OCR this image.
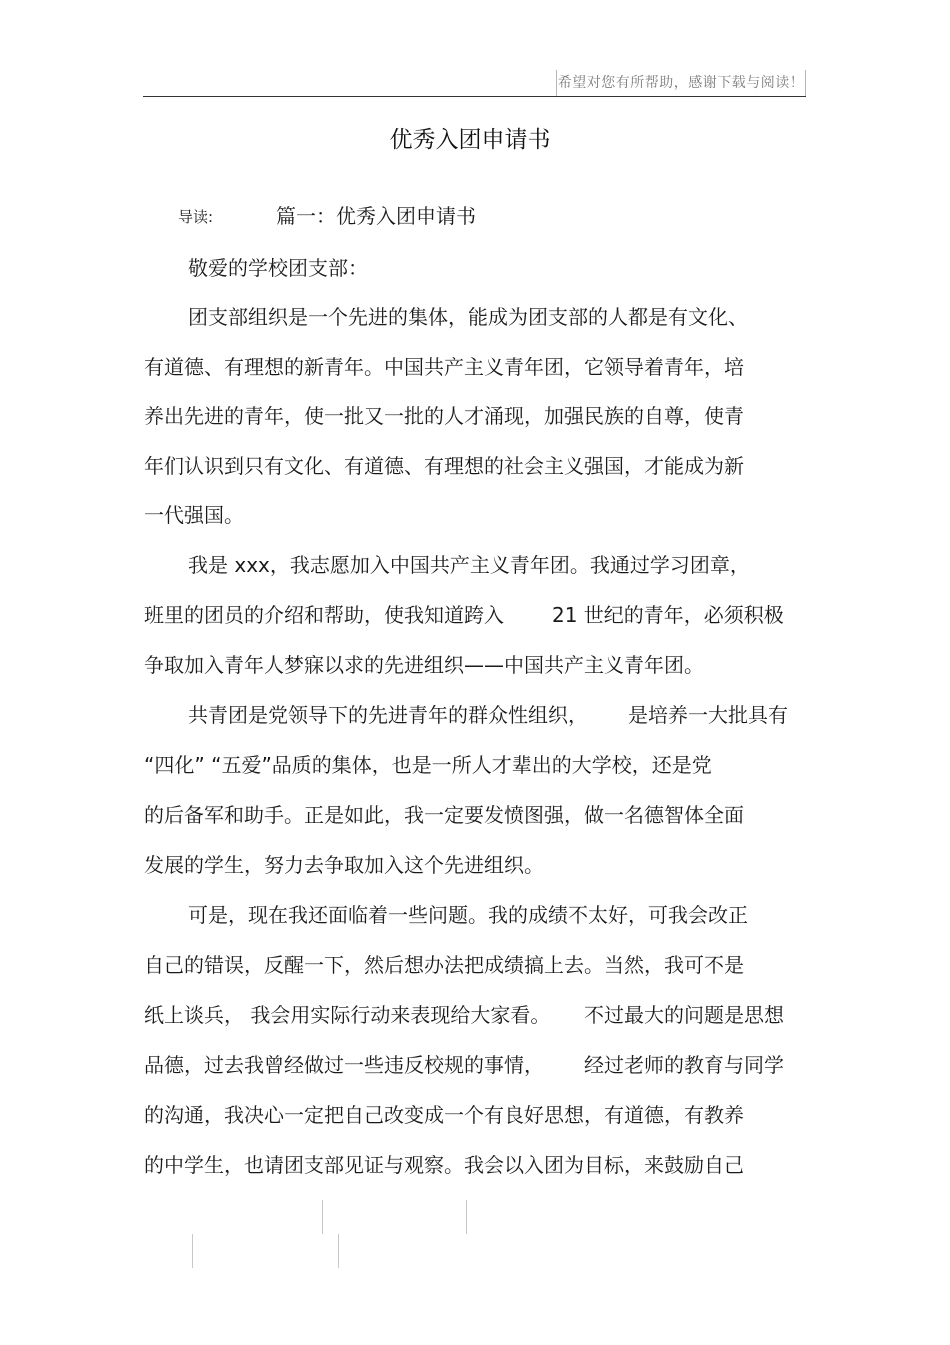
希望对您有所帮助，感谢下载与阅读！
优秀入团申请书
导读:	篇一：优秀入团申请书
敬爱的学校团支部：
团支部组织是一个先进的集体，能成为团支部的人都是有文化、
有道德、有理想的新青年。中国共产主义青年团，它领导着青年，培
养出先进的青年，使一批又一批的人才涌现，加强民族的自尊，使青
年们认识到只有文化、有道德、有理想的社会主义强国，才能成为新
一代强国。
我是 xxx，我志愿加入中国共产主义青年团。我通过学习团章，
班里的团员的介绍和帮助，使我知道跨入 21 世纪的青年，必须积极
争取加入青年人梦寐以求的先进组织——中国共产主义青年团。
共青团是党领导下的先进青年的群众性组织， 是培养一大批具有
“四化” “五爱”品质的集体，也是一所人才辈出的大学校，还是党
的后备军和助手。正是如此，我一定要发愤图强，做一名德智体全面
发展的学生，努力去争取加入这个先进组织。
可是，现在我还面临着一些问题。我的成绩不太好，可我会改正
自己的错误，反醒一下，然后想办法把成绩搞上去。当然，我可不是
纸上谈兵， 我会用实际行动来表现给大家看。 不过最大的问题是思想
品德，过去我曾经做过一些违反校规的事情， 经过老师的教育与同学
的沟通，我决心一定把自己改变成一个有良好思想，有道德，有教养
的中学生，也请团支部见证与观察。我会以入团为目标，来鼓励自己
